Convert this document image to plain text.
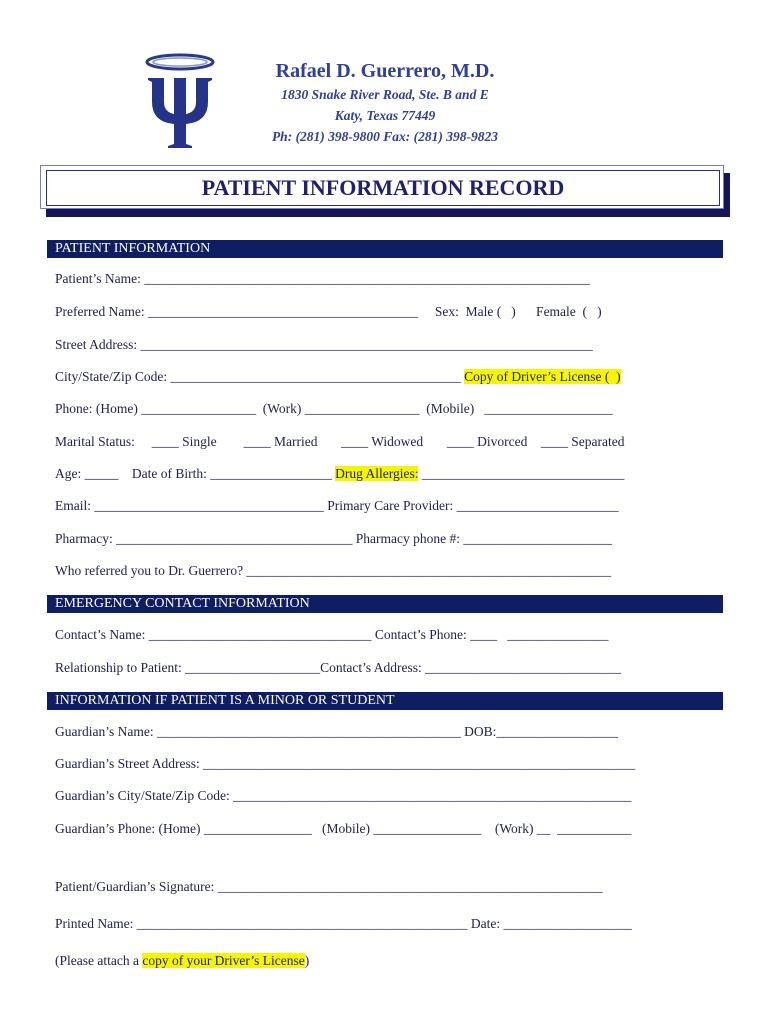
Rafael D. Guerrero, M.D.
1830 Snake River Road, Ste. B and E
Katy, Texas 77449
Ph: (281) 398-9800 Fax: (281) 398-9823
PATIENT INFORMATION RECORD
PATIENT INFORMATION
Patient’s Name: __________________________________________________________________
Preferred Name: ________________________________________     Sex:  Male (   )      Female  (   )
Street Address: ___________________________________________________________________
City/State/Zip Code: ___________________________________________ Copy of Driver’s License (  )
Phone: (Home) _________________  (Work) _________________  (Mobile)   ___________________
Marital Status:     ____ Single        ____ Married       ____ Widowed       ____ Divorced    ____ Separated
Age: _____    Date of Birth: __________________ Drug Allergies: ______________________________
Email: __________________________________ Primary Care Provider: ________________________
Pharmacy: ___________________________________ Pharmacy phone #: ______________________
Who referred you to Dr. Guerrero? ______________________________________________________
EMERGENCY CONTACT INFORMATION
Contact’s Name: _________________________________ Contact’s Phone: ____   _______________
Relationship to Patient: ____________________Contact’s Address: _____________________________
INFORMATION IF PATIENT IS A MINOR OR STUDENT
Guardian’s Name: _____________________________________________ DOB:__________________
Guardian’s Street Address: ________________________________________________________________
Guardian’s City/State/Zip Code: ___________________________________________________________
Guardian’s Phone: (Home) ________________   (Mobile) ________________    (Work) __  ___________
Patient/Guardian’s Signature: _________________________________________________________
Printed Name: _________________________________________________ Date: ___________________
(Please attach a copy of your Driver’s License)
